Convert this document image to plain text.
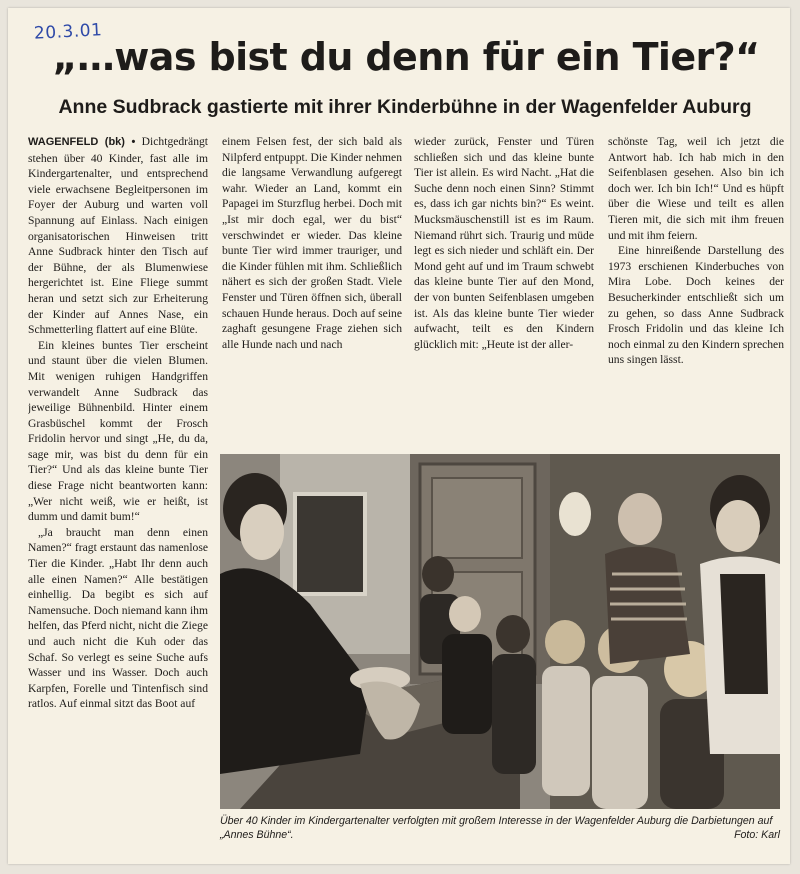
20.3.01
„…was bist du denn für ein Tier?“
Anne Sudbrack gastierte mit ihrer Kinderbühne in der Wagenfelder Auburg

WAGENFELD (bk) • Dichtgedrängt stehen über 40 Kinder, fast alle im Kindergartenalter, und entsprechend viele erwachsene Begleitpersonen im Foyer der Auburg und warten voll Spannung auf Einlass. Nach einigen organisatorischen Hinweisen tritt Anne Sudbrack hinter den Tisch auf der Bühne, der als Blumenwiese hergerichtet ist. Eine Fliege summt heran und setzt sich zur Erheiterung der Kinder auf Annes Nase, ein Schmetterling flattert auf eine Blüte.

Ein kleines buntes Tier erscheint und staunt über die vielen Blumen. Mit wenigen ruhigen Handgriffen verwandelt Anne Sudbrack das jeweilige Bühnenbild. Hinter einem Grasbüschel kommt der Frosch Fridolin hervor und singt „He, du da, sage mir, was bist du denn für ein Tier?“ Und als das kleine bunte Tier diese Frage nicht beantworten kann: „Wer nicht weiß, wie er heißt, ist dumm und damit bum!“

„Ja braucht man denn einen Namen?“ fragt erstaunt das namenlose Tier die Kinder. „Habt Ihr denn auch alle einen Namen?“ Alle bestätigen einhellig. Da begibt es sich auf Namensuche. Doch niemand kann ihm helfen, das Pferd nicht, nicht die Ziege und auch nicht die Kuh oder das Schaf. So verlegt es seine Suche aufs Wasser und ins Wasser. Doch auch Karpfen, Forelle und Tintenfisch sind ratlos. Auf einmal sitzt das Boot auf

einem Felsen fest, der sich bald als Nilpferd entpuppt. Die Kinder nehmen die langsame Verwandlung aufgeregt wahr. Wieder an Land, kommt ein Papagei im Sturzflug herbei. Doch mit „Ist mir doch egal, wer du bist“ verschwindet er wieder. Das kleine bunte Tier wird immer trauriger, und die Kinder fühlen mit ihm. Schließlich nähert es sich der großen Stadt. Viele Fenster und Türen öffnen sich, überall schauen Hunde heraus. Doch auf seine zaghaft gesungene Frage ziehen sich alle Hunde nach und nach

wieder zurück, Fenster und Türen schließen sich und das kleine bunte Tier ist allein. Es wird Nacht. „Hat die Suche denn noch einen Sinn? Stimmt es, dass ich gar nichts bin?“ Es weint. Mucksmäuschenstill ist es im Raum. Niemand rührt sich. Traurig und müde legt es sich nieder und schläft ein. Der Mond geht auf und im Traum schwebt das kleine bunte Tier auf den Mond, der von bunten Seifenblasen umgeben ist. Als das kleine bunte Tier wieder aufwacht, teilt es den Kindern glücklich mit: „Heute ist der aller-

schönste Tag, weil ich jetzt die Antwort hab. Ich hab mich in den Seifenblasen gesehen. Also bin ich doch wer. Ich bin Ich!“ Und es hüpft über die Wiese und teilt es allen Tieren mit, die sich mit ihm freuen und mit ihm feiern.

Eine hinreißende Darstellung des 1973 erschienen Kinderbuches von Mira Lobe. Doch keines der Besucherkinder entschließt sich um zu gehen, so dass Anne Sudbrack Frosch Fridolin und das kleine Ich noch einmal zu den Kindern sprechen uns singen lässt.

Über 40 Kinder im Kindergartenalter verfolgten mit großem Interesse in der Wagenfelder Auburg die Darbietungen auf „Annes Bühne“.	Foto: Karl
